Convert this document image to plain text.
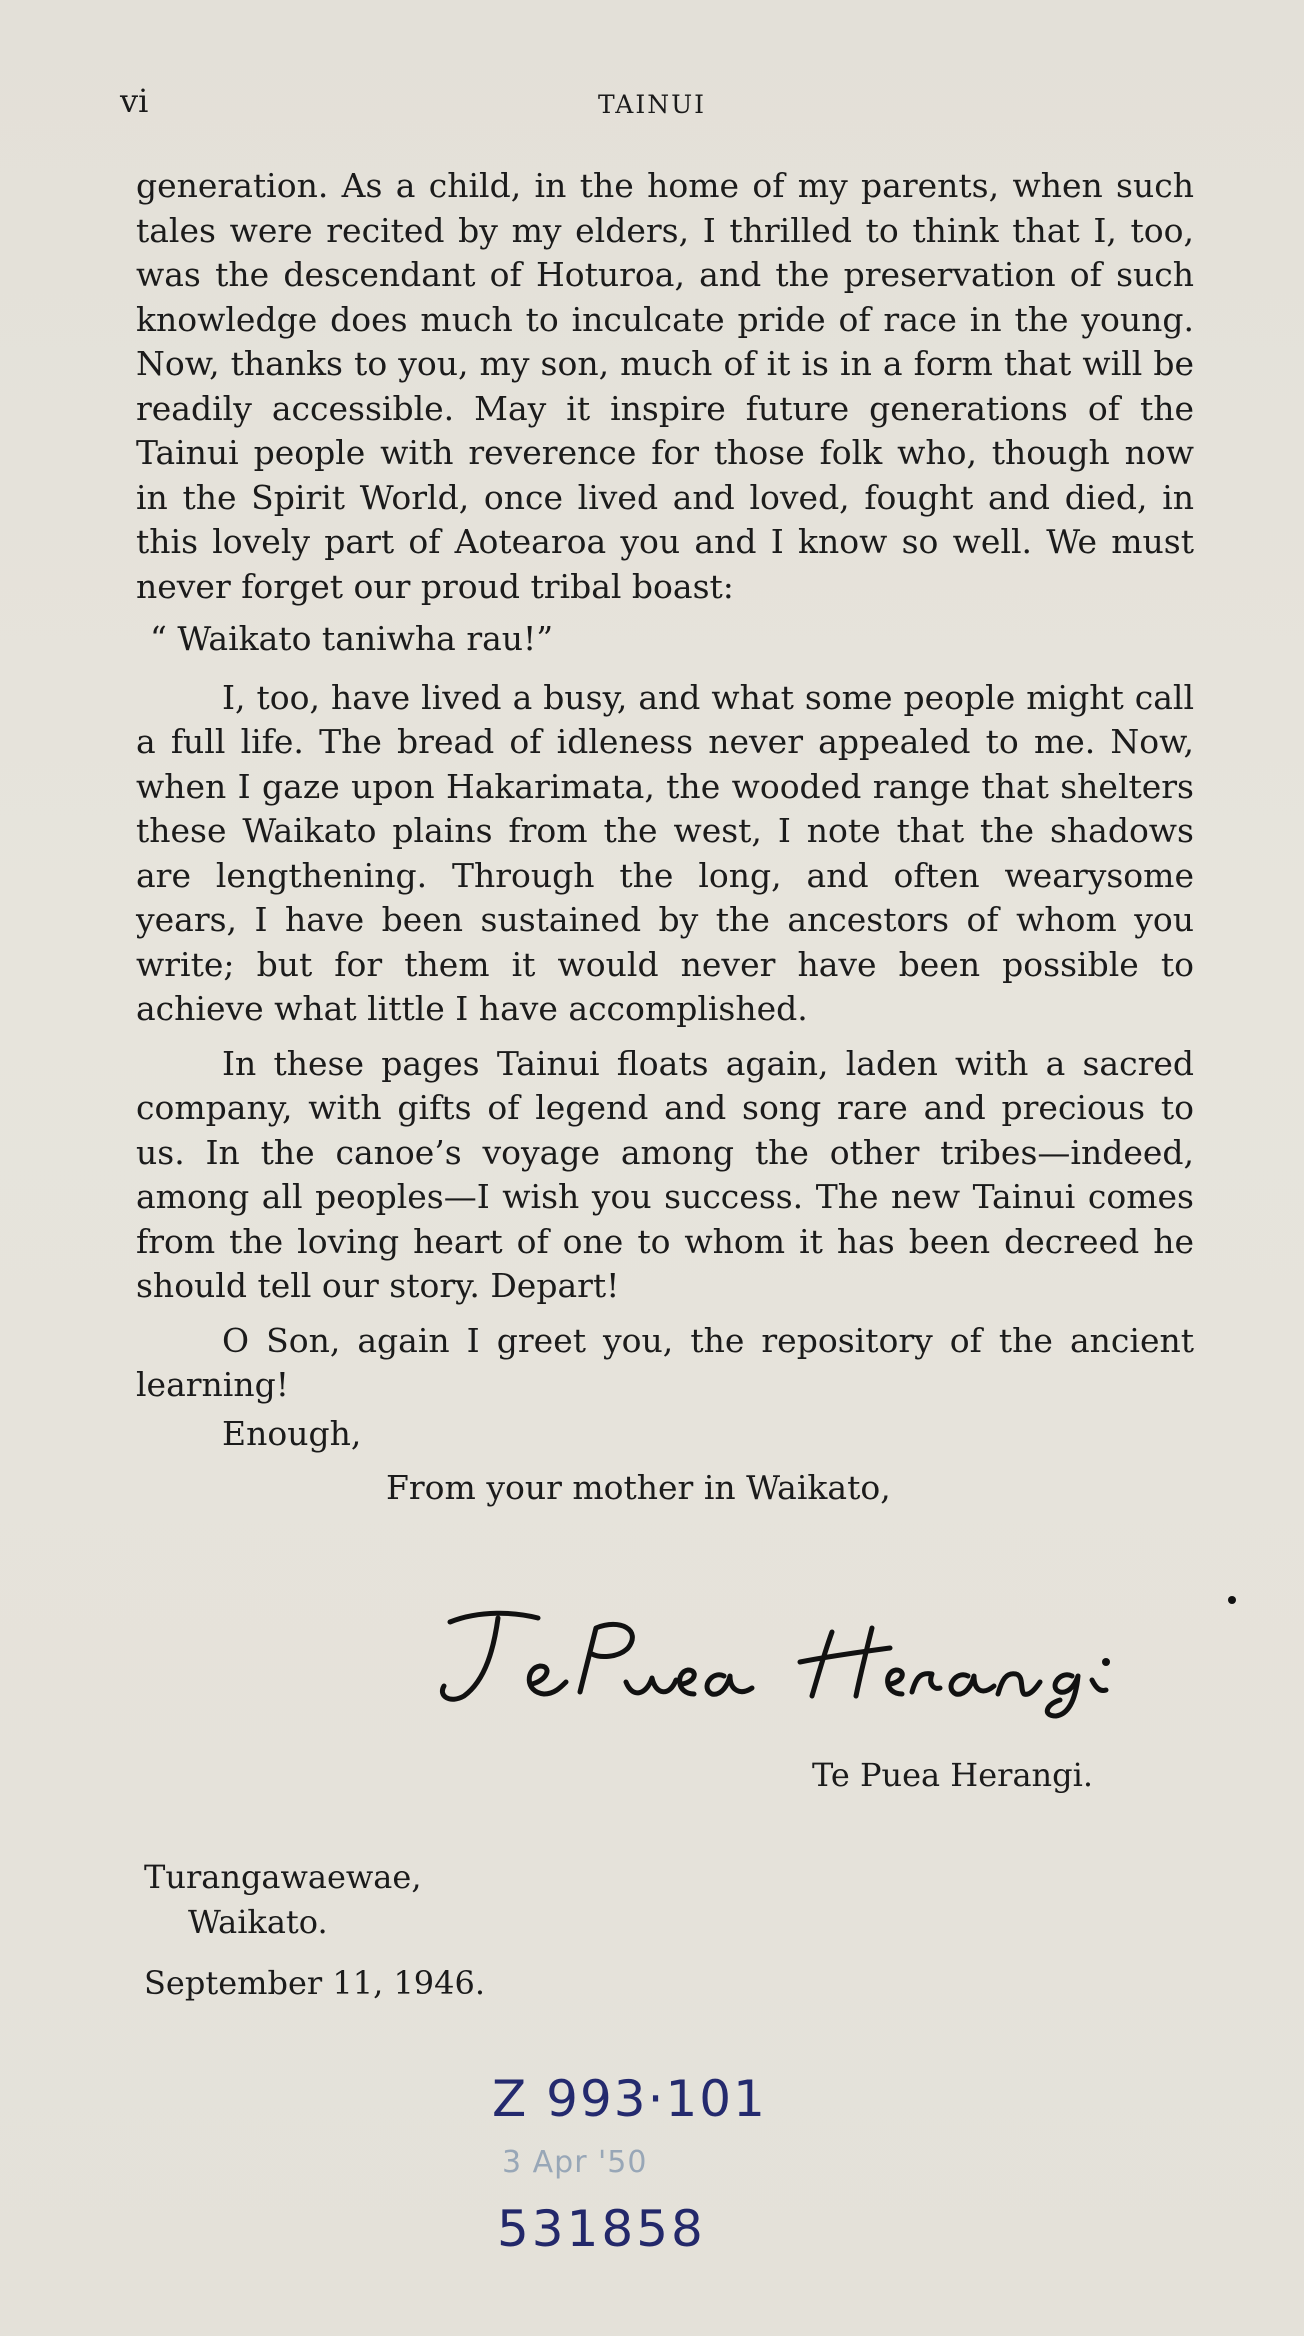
vi	TAINUI

generation. As a child, in the home of my parents, when such tales were recited by my elders, I thrilled to think that I, too, was the descendant of Hoturoa, and the preservation of such knowledge does much to inculcate pride of race in the young. Now, thanks to you, my son, much of it is in a form that will be readily accessible. May it inspire future generations of the Tainui people with reverence for those folk who, though now in the Spirit World, once lived and loved, fought and died, in this lovely part of Aotearoa you and I know so well. We must never forget our proud tribal boast:

“ Waikato taniwha rau!”

I, too, have lived a busy, and what some people might call a full life. The bread of idleness never appealed to me. Now, when I gaze upon Hakarimata, the wooded range that shelters these Waikato plains from the west, I note that the shadows are lengthening. Through the long, and often wearysome years, I have been sustained by the ancestors of whom you write; but for them it would never have been possible to achieve what little I have accomplished.

In these pages Tainui floats again, laden with a sacred company, with gifts of legend and song rare and precious to us. In the canoe’s voyage among the other tribes—indeed, among all peoples—I wish you success. The new Tainui comes from the loving heart of one to whom it has been decreed he should tell our story. Depart!

O Son, again I greet you, the repository of the ancient learning!

Enough,

From your mother in Waikato,

Te Puea Herangi.
Turangawaewae,
Waikato.
September 11, 1946.
Z 993·101
3 Apr '50
531858
